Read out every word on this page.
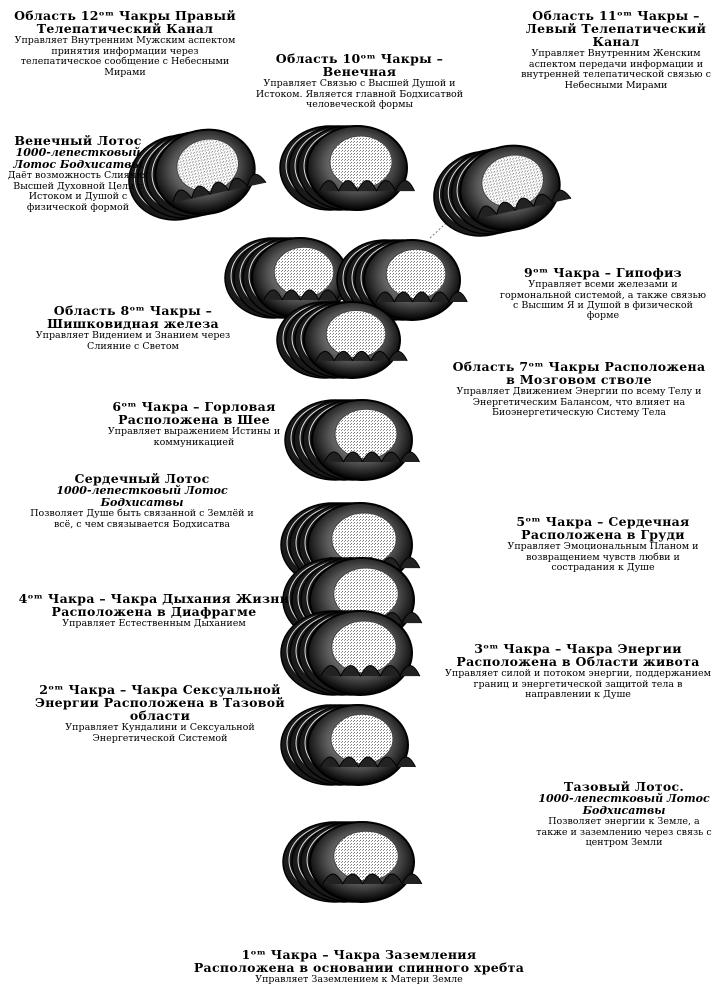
Область 12ᵒᵐ Чакры Правый Телепатический Канал
Управляет Внутренним Мужским аспектом принятия информации через телепатическое сообщение с Небесными Мирами
Область 10ᵒᵐ Чакры – Венечная
Управляет Связью с Высшей Душой и Истоком. Является главной Бодхисатвой человеческой формы
Область 11ᵒᵐ Чакры – Левый Телепатический Канал
Управляет Внутренним Женским аспектом передачи информации и внутренней телепатической связью с Небесными Мирами
Венечный Лотос
1000-лепестковый Лотос Бодхисатвы
Даёт возможность Слияния Высшей Духовной Цели с Истоком и Душой с физической формой
9ᵒᵐ Чакра – Гипофиз
Управляет всеми железами и гормональной системой, а также связью с Высшим Я и Душой в физической форме
Область 8ᵒᵐ Чакры – Шишковидная железа
Управляет Видением и Знанием через Слияние с Светом
Область 7ᵒᵐ Чакры Расположена в Мозговом стволе
Управляет Движением Энергии по всему Телу и Энергетическим Балансом, что влияет на Биоэнергетическую Систему Тела
6ᵒᵐ Чакра – Горловая Расположена в Шее
Управляет выражением Истины и коммуникацией
Сердечный Лотос
1000-лепестковый Лотос Бодхисатвы
Позволяет Душе быть связанной с Землёй и всё, с чем связывается Бодхисатва	5ᵒᵐ Чакра – Сердечная Расположена в Груди
Управляет Эмоциональным Планом и возвращением чувств любви и сострадания к Душе
4ᵒᵐ Чакра – Чакра Дыхания Жизни Расположена в Диафрагме
Управляет Естественным Дыханием
3ᵒᵐ Чакра – Чакра Энергии Расположена в Области живота
Управляет силой и потоком энергии, поддержанием границ и энергетической защитой тела в направлении к Душе
2ᵒᵐ Чакра – Чакра Сексуальной Энергии Расположена в Тазовой области
Управляет Кундалини и Сексуальной Энергетической Системой
Тазовый Лотос.
1000-лепестковый Лотос Бодхисатвы
Позволяет энергии к Земле, а также и заземлению через связь с центром Земли
1ᵒᵐ Чакра – Чакра Заземления
Расположена в основании спинного хребта
Управляет Заземлением к Матери Земле
